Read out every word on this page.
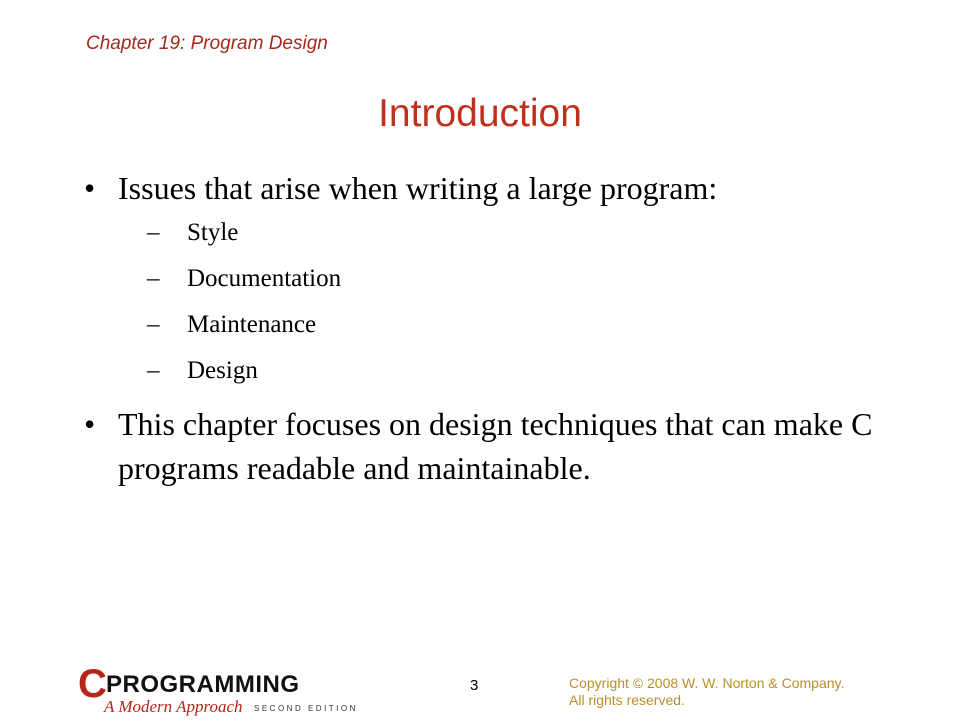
Chapter 19: Program Design
Introduction
• Issues that arise when writing a large program:
– Style
– Documentation
– Maintenance
– Design
• This chapter focuses on design techniques that can make C programs readable and maintainable.
C PROGRAMMING
A Modern Approach SECOND EDITION
3	Copyright © 2008 W. W. Norton & Company.
All rights reserved.
